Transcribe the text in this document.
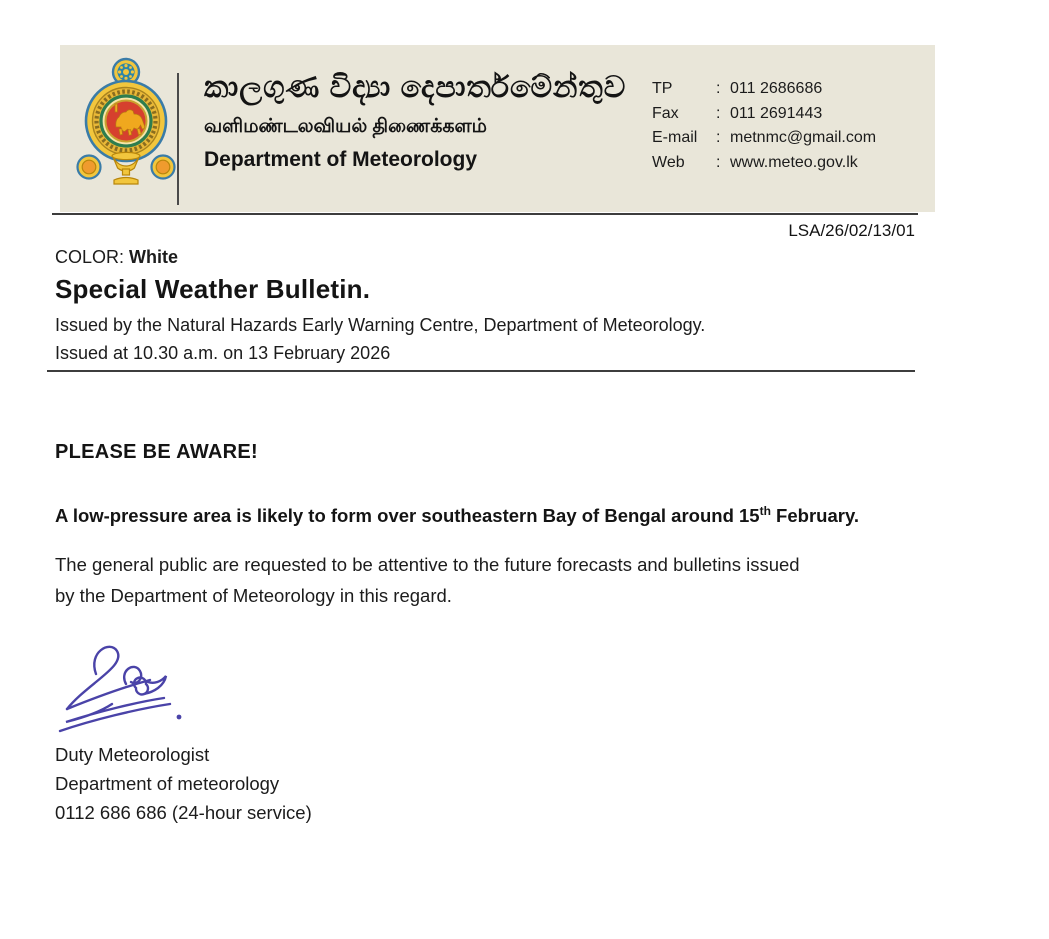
කාලගුණ විද්‍යා දෙපාර්තමේන්තුව
வளிமண்டலவியல் திணைக்களம்
Department of Meteorology
TP	: 011 2686686
Fax	: 011 2691443
E-mail	: metnmc@gmail.com
Web	: www.meteo.gov.lk
LSA/26/02/13/01
COLOR: White
Special Weather Bulletin.
Issued by the Natural Hazards Early Warning Centre, Department of Meteorology.
Issued at 10.30 a.m. on 13 February 2026
PLEASE BE AWARE!
A low-pressure area is likely to form over southeastern Bay of Bengal around 15th February.
The general public are requested to be attentive to the future forecasts and bulletins issued
by the Department of Meteorology in this regard.
Duty Meteorologist
Department of meteorology
0112 686 686 (24-hour service)
